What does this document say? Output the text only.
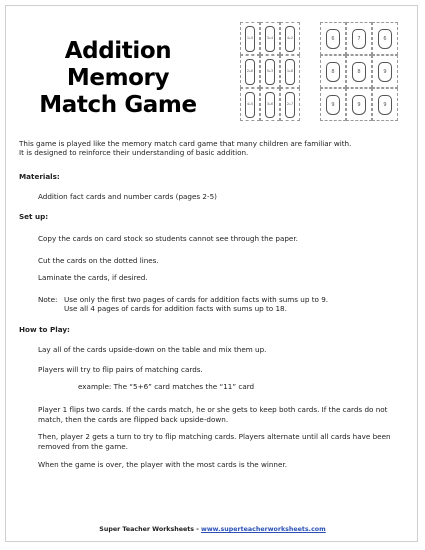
Addition Memory
Match Game
1+5	3+4	4+2
2+6	5+3	1+8
4+5	3+6	2+7
6	7	6
8	8	9
9	9	9
This game is played like the memory match card game that many children are familiar with.
It is designed to reinforce their understanding of basic addition.
Materials:
Addition fact cards and number cards (pages 2-5)
Set up:
Copy the cards on card stock so students cannot see through the paper.
Cut the cards on the dotted lines.
Laminate the cards, if desired.
Note: Use only the first two pages of cards for addition facts with sums up to 9.
Use all 4 pages of cards for addition facts with sums up to 18.
How to Play:
Lay all of the cards upside-down on the table and mix them up.
Players will try to flip pairs of matching cards.
example: The “5+6” card matches the “11” card
Player 1 flips two cards. If the cards match, he or she gets to keep both cards. If the cards do not match, then the cards are flipped back upside-down.
Then, player 2 gets a turn to try to flip matching cards. Players alternate until all cards have been removed from the game.
When the game is over, the player with the most cards is the winner.
Super Teacher Worksheets - www.superteacherworksheets.com
